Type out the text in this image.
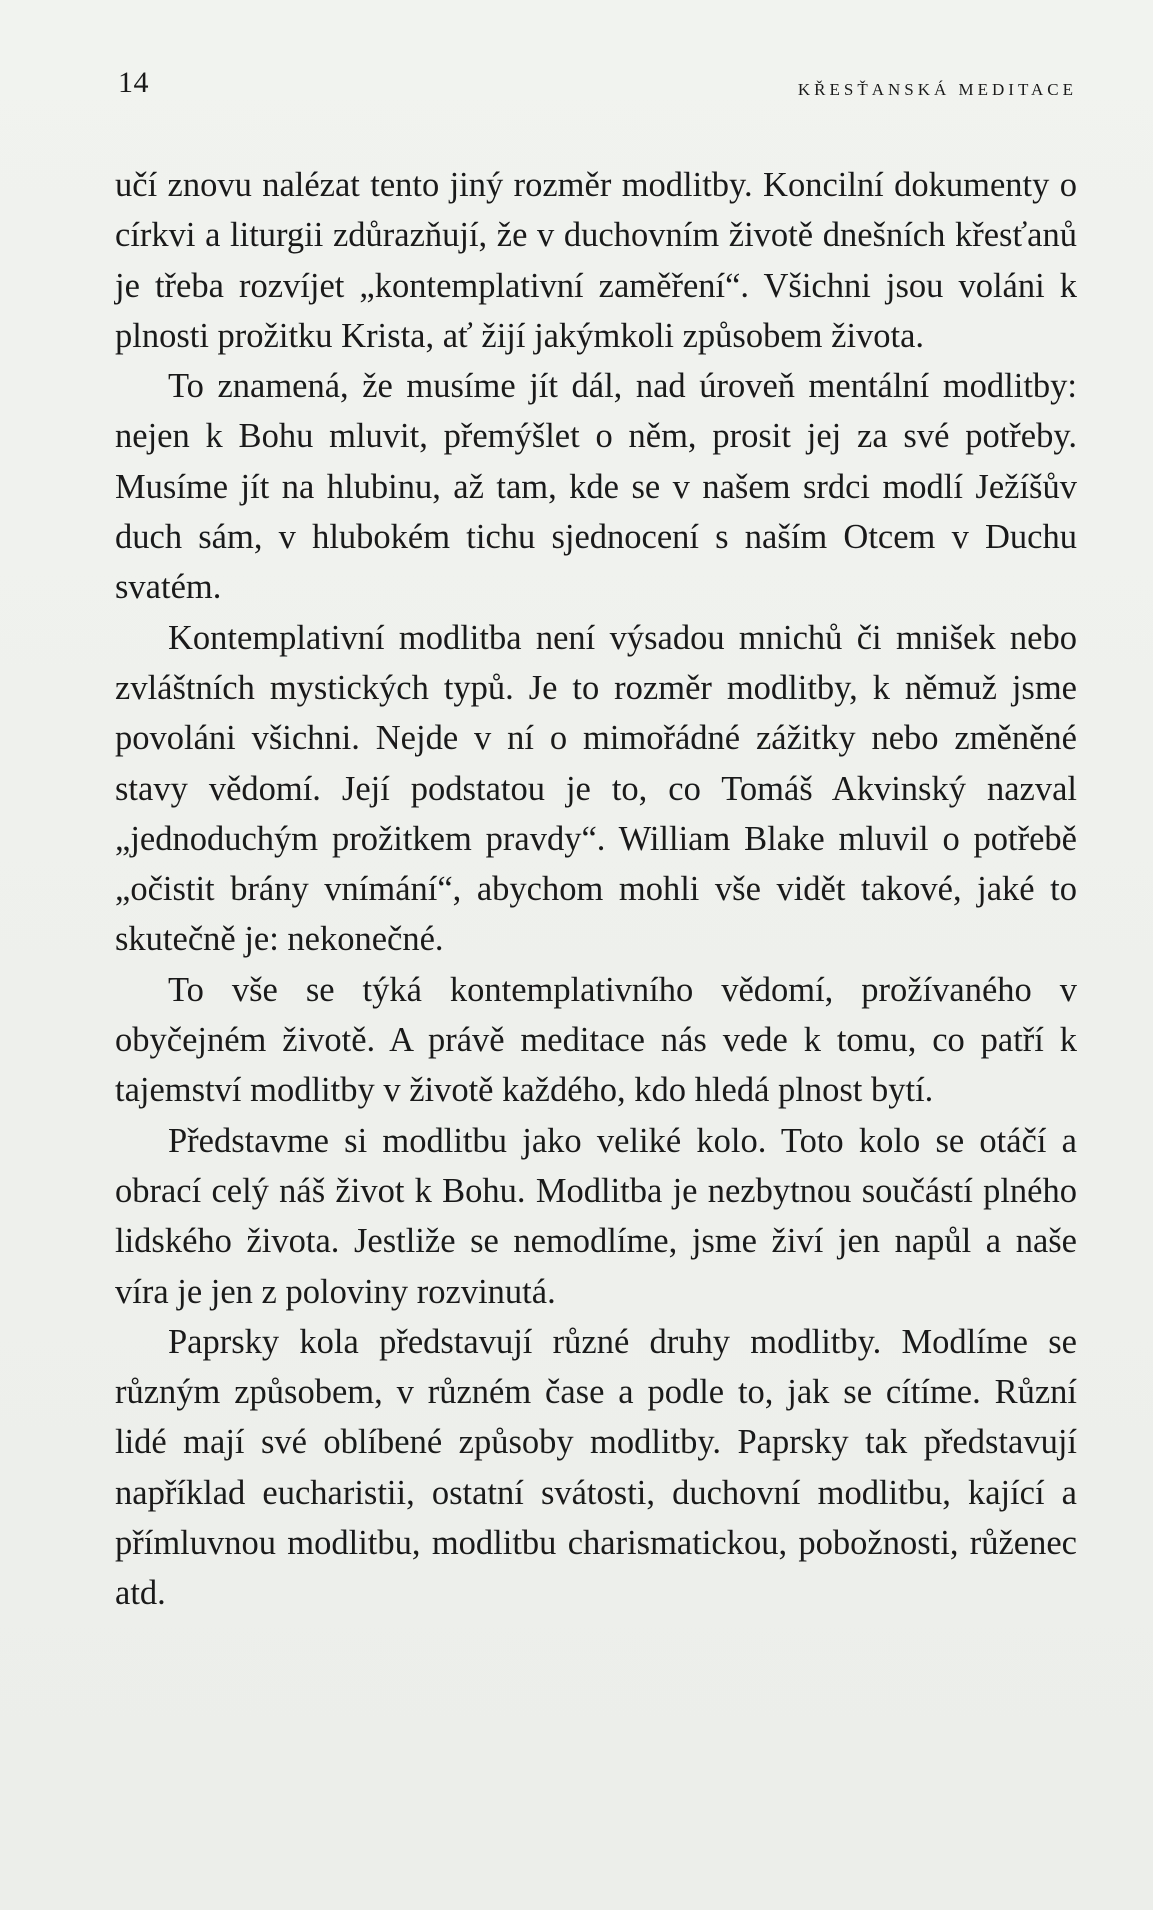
14	KŘESŤANSKÁ MEDITACE

učí znovu nalézat tento jiný rozměr modlitby. Koncilní dokumenty o církvi a liturgii zdůrazňují, že v duchovním životě dnešních křesťanů je třeba rozvíjet „kontemplativní zaměření“. Všichni jsou voláni k plnosti prožitku Krista, ať žijí jakýmkoli způsobem života.

To znamená, že musíme jít dál, nad úroveň mentální modlitby: nejen k Bohu mluvit, přemýšlet o něm, prosit jej za své potřeby. Musíme jít na hlubinu, až tam, kde se v našem srdci modlí Ježíšův duch sám, v hlubokém tichu sjednocení s naším Otcem v Duchu svatém.

Kontemplativní modlitba není výsadou mnichů či mnišek nebo zvláštních mystických typů. Je to rozměr modlitby, k němuž jsme povoláni všichni. Nejde v ní o mimořádné zážitky nebo změněné stavy vědomí. Její podstatou je to, co Tomáš Akvinský nazval „jednoduchým prožitkem pravdy“. William Blake mluvil o potřebě „očistit brány vnímání“, abychom mohli vše vidět takové, jaké to skutečně je: nekonečné.

To vše se týká kontemplativního vědomí, prožívaného v obyčejném životě. A právě meditace nás vede k tomu, co patří k tajemství modlitby v životě každého, kdo hledá plnost bytí.

Představme si modlitbu jako veliké kolo. Toto kolo se otáčí a obrací celý náš život k Bohu. Modlitba je nezbytnou součástí plného lidského života. Jestliže se nemodlíme, jsme živí jen napůl a naše víra je jen z poloviny rozvinutá.

Paprsky kola představují různé druhy modlitby. Modlíme se různým způsobem, v různém čase a podle to, jak se cítíme. Různí lidé mají své oblíbené způsoby modlitby. Paprsky tak představují například eucharistii, ostatní svátosti, duchovní modlitbu, kající a přímluvnou modlitbu, modlitbu charismatickou, pobožnosti, růženec atd.
